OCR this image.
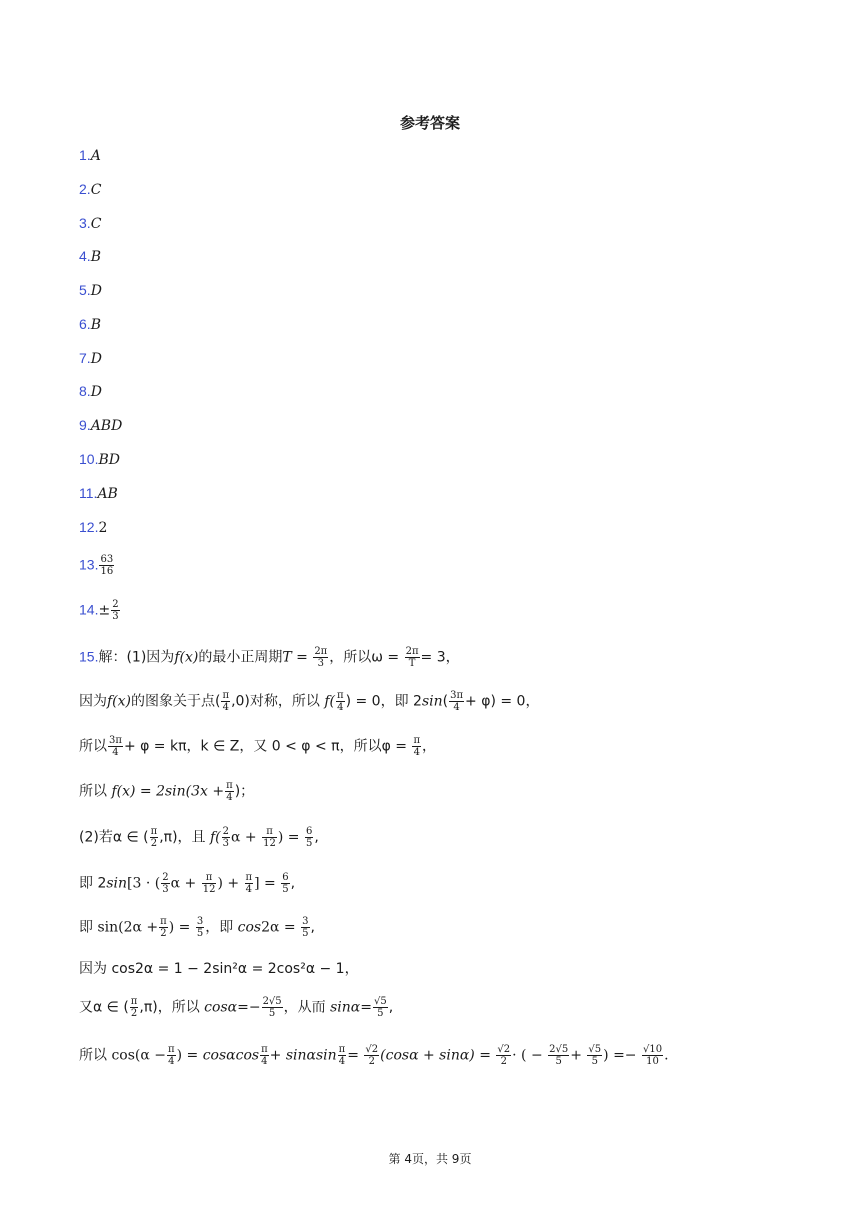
参考答案
1.A
2.C
3.C
4.B
5.D
6.B
7.D
8.D
9.ABD
10.BD
11.AB
12.2
13. $\frac{63}{16}$
$14.\pm \frac{2}{3}$
15.解：(1)因为f(x)的最小正周期$T = \frac{2\pi}{3}$ ，所以$\omega = \frac{2\pi}{T} = 3$，
因为f(x)的图象关于点( $\frac{\pi}{4} ,0$)对称，所以 $f( \frac{\pi}{4}$ ) = 0，即 $2\sin( \frac{3\pi}{4} + \varphi) = 0$，
所以 $\frac{3\pi}{4} + \varphi = k\pi$，k ∈ Z，又 0 < φ < π，所以$\varphi = \frac{\pi}{4}$ ，
所以 $f(x) = 2\sin(3x + \frac{\pi}{4}$ )；
(2)若α ∈ ( $\frac{\pi}{2} ,\pi$)，且 $f( \frac{2}{3}$ $\alpha + \frac{\pi}{12}$ ) = $\frac{6}{5}$ ,
即 2sin[3 · ( $\frac{2}{3}$ $\alpha + \frac{\pi}{12}$ ) + $\frac{\pi}{4}$ ] = $\frac{6}{5}$ ,
即 $\sin(2\alpha + \frac{\pi}{2}$ ) = $\frac{3}{5}$ ，即 $\cos 2\alpha = \frac{3}{5}$ ,
因为 cos2α = 1 − 2sin²α = 2cos²α − 1，
又α ∈ ( $\frac{\pi}{2} ,\pi$)，所以 $\cos\alpha=- \frac{2√5}{5}$ ，从而 $\sin\alpha= \frac{√5}{5}$ ,
所以 $\cos(\alpha - \frac{\pi}{4}$ ) = cosαcos $\frac{\pi}{4} + \sin\alpha\sin \frac{\pi}{4} = \frac{√2}{2} (\cos\alpha + \sin\alpha) = \frac{√2}{2}$ · ( − $\frac{2√5}{5} + \frac{√5}{5}$ ) =− $\frac{√10}{10}$ .
第 4页，共 9页
